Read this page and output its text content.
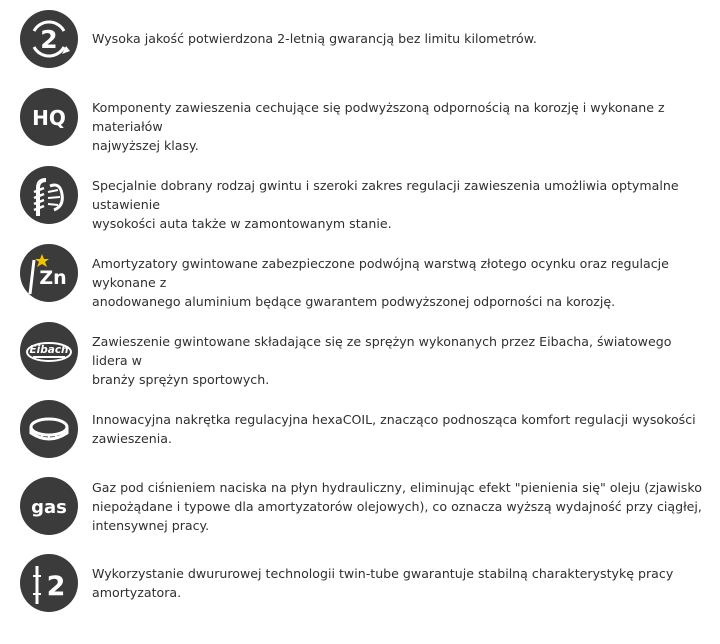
2	Wysoka jakość potwierdzona 2-letnią gwarancją bez limitu kilometrów.
HQ Komponenty zawieszenia cechujące się podwyższoną odpornością na korozję i wykonane z materiałów
najwyższej klasy.
Specjalnie dobrany rodzaj gwintu i szeroki zakres regulacji zawieszenia umożliwia optymalne ustawienie
wysokości auta także w zamontowanym stanie.
Zn
Amortyzatory gwintowane zabezpieczone podwójną warstwą złotego ocynku oraz regulacje wykonane z
anodowanego aluminium będące gwarantem podwyższonej odporności na korozję.
Eibach
Zawieszenie gwintowane składające się ze sprężyn wykonanych przez Eibacha, światowego lidera w
branży sprężyn sportowych.
Innowacyjna nakrętka regulacyjna hexaCOIL, znacząco podnosząca komfort regulacji wysokości
zawieszenia.
gas
Gaz pod ciśnieniem naciska na płyn hydrauliczny, eliminując efekt "pienienia się" oleju (zjawisko
niepożądane i typowe dla amortyzatorów olejowych), co oznacza wyższą wydajność przy ciągłej,
intensywnej pracy.
2 Wykorzystanie dwururowej technologii twin-tube gwarantuje stabilną charakterystykę pracy
amortyzatora.
